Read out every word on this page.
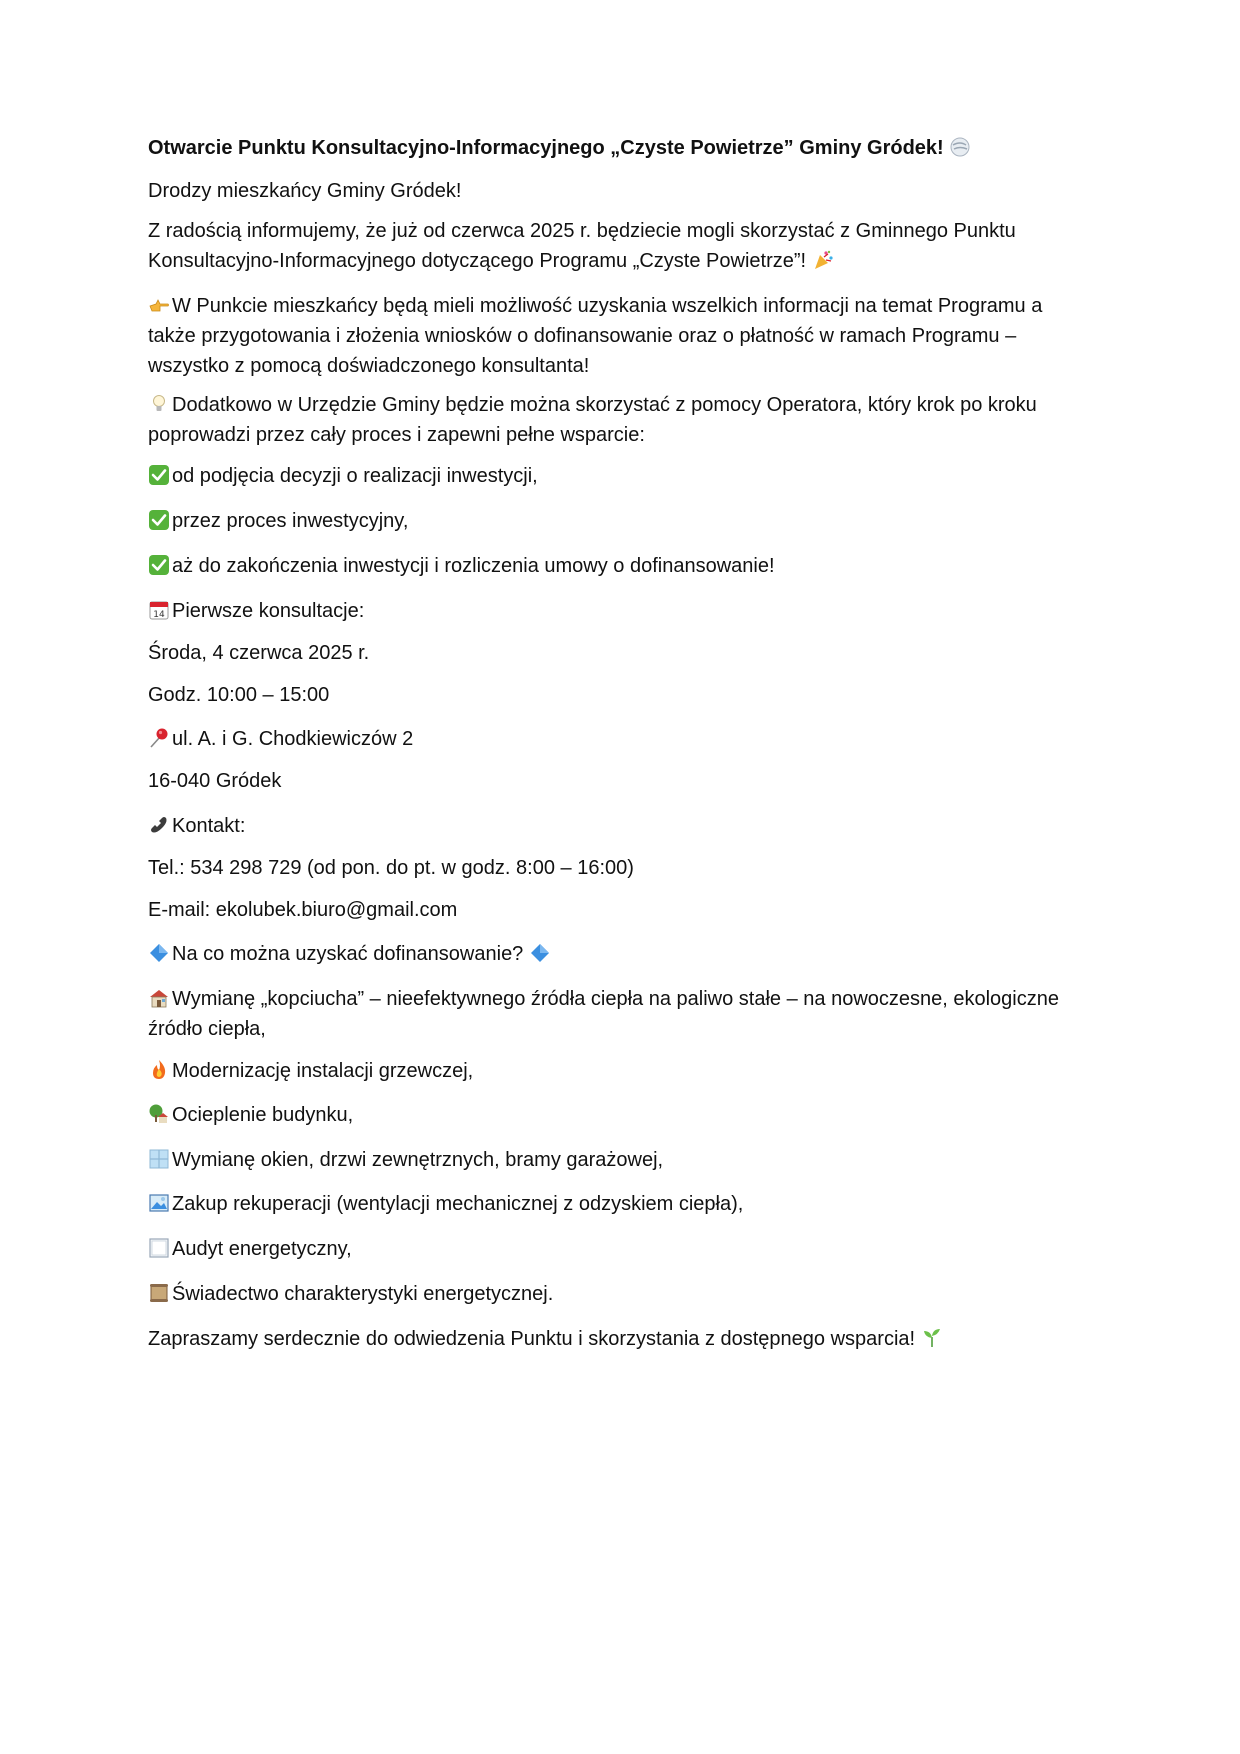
Otwarcie Punktu Konsultacyjno-Informacyjnego „Czyste Powietrze” Gminy Gródek!
Drodzy mieszkańcy Gminy Gródek!
Z radością informujemy, że już od czerwca 2025 r. będziecie mogli skorzystać z Gminnego Punktu Konsultacyjno-Informacyjnego dotyczącego Programu „Czyste Powietrze”!
W Punkcie mieszkańcy będą mieli możliwość uzyskania wszelkich informacji na temat Programu a także przygotowania i złożenia wniosków o dofinansowanie oraz o płatność w ramach Programu – wszystko z pomocą doświadczonego konsultanta!
Dodatkowo w Urzędzie Gminy będzie można skorzystać z pomocy Operatora, który krok po kroku poprowadzi przez cały proces i zapewni pełne wsparcie:
od podjęcia decyzji o realizacji inwestycji,
przez proces inwestycyjny,
aż do zakończenia inwestycji i rozliczenia umowy o dofinansowanie!
14 Pierwsze konsultacje:
Środa, 4 czerwca 2025 r.
Godz. 10:00 – 15:00
ul. A. i G. Chodkiewiczów 2
16-040 Gródek
Kontakt:
Tel.: 534 298 729 (od pon. do pt. w godz. 8:00 – 16:00)
E-mail: ekolubek.biuro@gmail.com
Na co można uzyskać dofinansowanie?
Wymianę „kopciucha” – nieefektywnego źródła ciepła na paliwo stałe – na nowoczesne, ekologiczne źródło ciepła,
Modernizację instalacji grzewczej,
Ocieplenie budynku,
Wymianę okien, drzwi zewnętrznych, bramy garażowej,
Zakup rekuperacji (wentylacji mechanicznej z odzyskiem ciepła),
Audyt energetyczny,
Świadectwo charakterystyki energetycznej.
Zapraszamy serdecznie do odwiedzenia Punktu i skorzystania z dostępnego wsparcia!
